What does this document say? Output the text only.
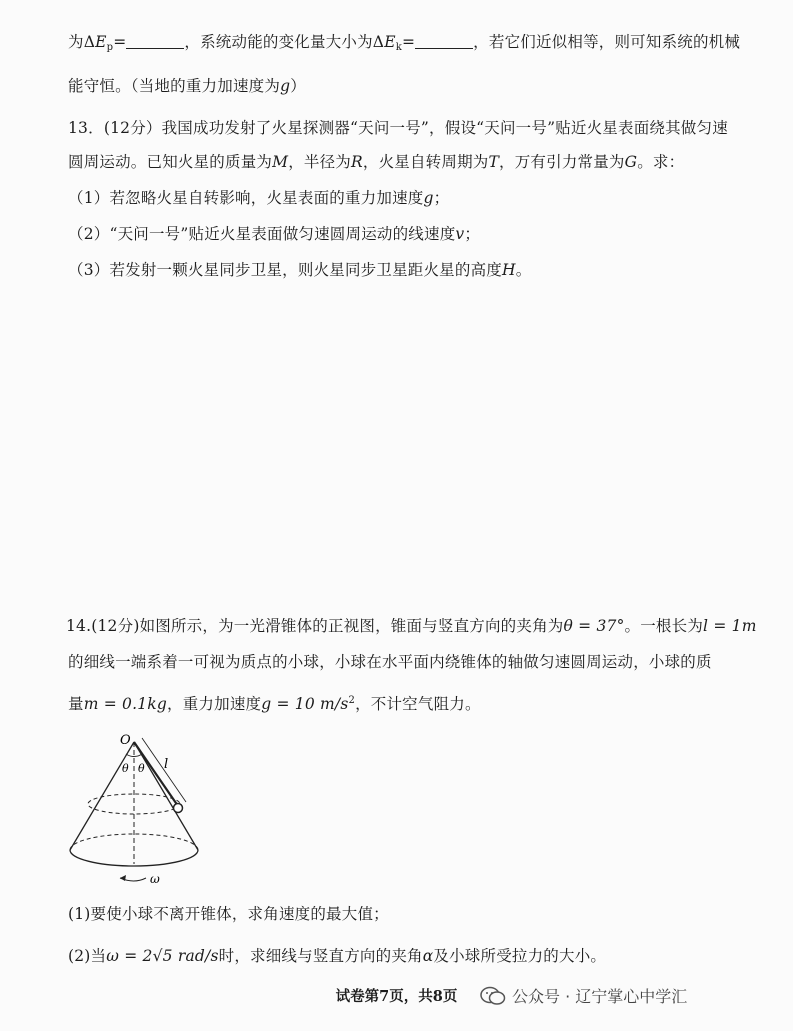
为$\Delta E_p=$	，系统动能的变化量大小为$\Delta E_k=$	，若它们近似相等，则可知系统的机械
能守恒。（当地的重力加速度为g）
13．(12分）我国成功发射了火星探测器“天问一号”，假设“天问一号”贴近火星表面绕其做匀速
圆周运动。已知火星的质量为M，半径为R，火星自转周期为T，万有引力常量为G。求：
（1）若忽略火星自转影响，火星表面的重力加速度g；
（2）“天问一号”贴近火星表面做匀速圆周运动的线速度v；
（3）若发射一颗火星同步卫星，则火星同步卫星距火星的高度H。
14.(12分)如图所示，为一光滑锥体的正视图，锥面与竖直方向的夹角为θ = 37°。一根长为l = 1m
的细线一端系着一可视为质点的小球，小球在水平面内绕锥体的轴做匀速圆周运动，小球的质
量m = 0.1kg，重力加速度g = 10 $m/s^2$，不计空气阻力。
O
θ θ l
ω
(1)要使小球不离开锥体，求角速度的最大值；
(2)当ω = 2√5 rad/s时，求细线与竖直方向的夹角α及小球所受拉力的大小。
试卷第7页，共8页	公众号 · 辽宁掌心中学汇
